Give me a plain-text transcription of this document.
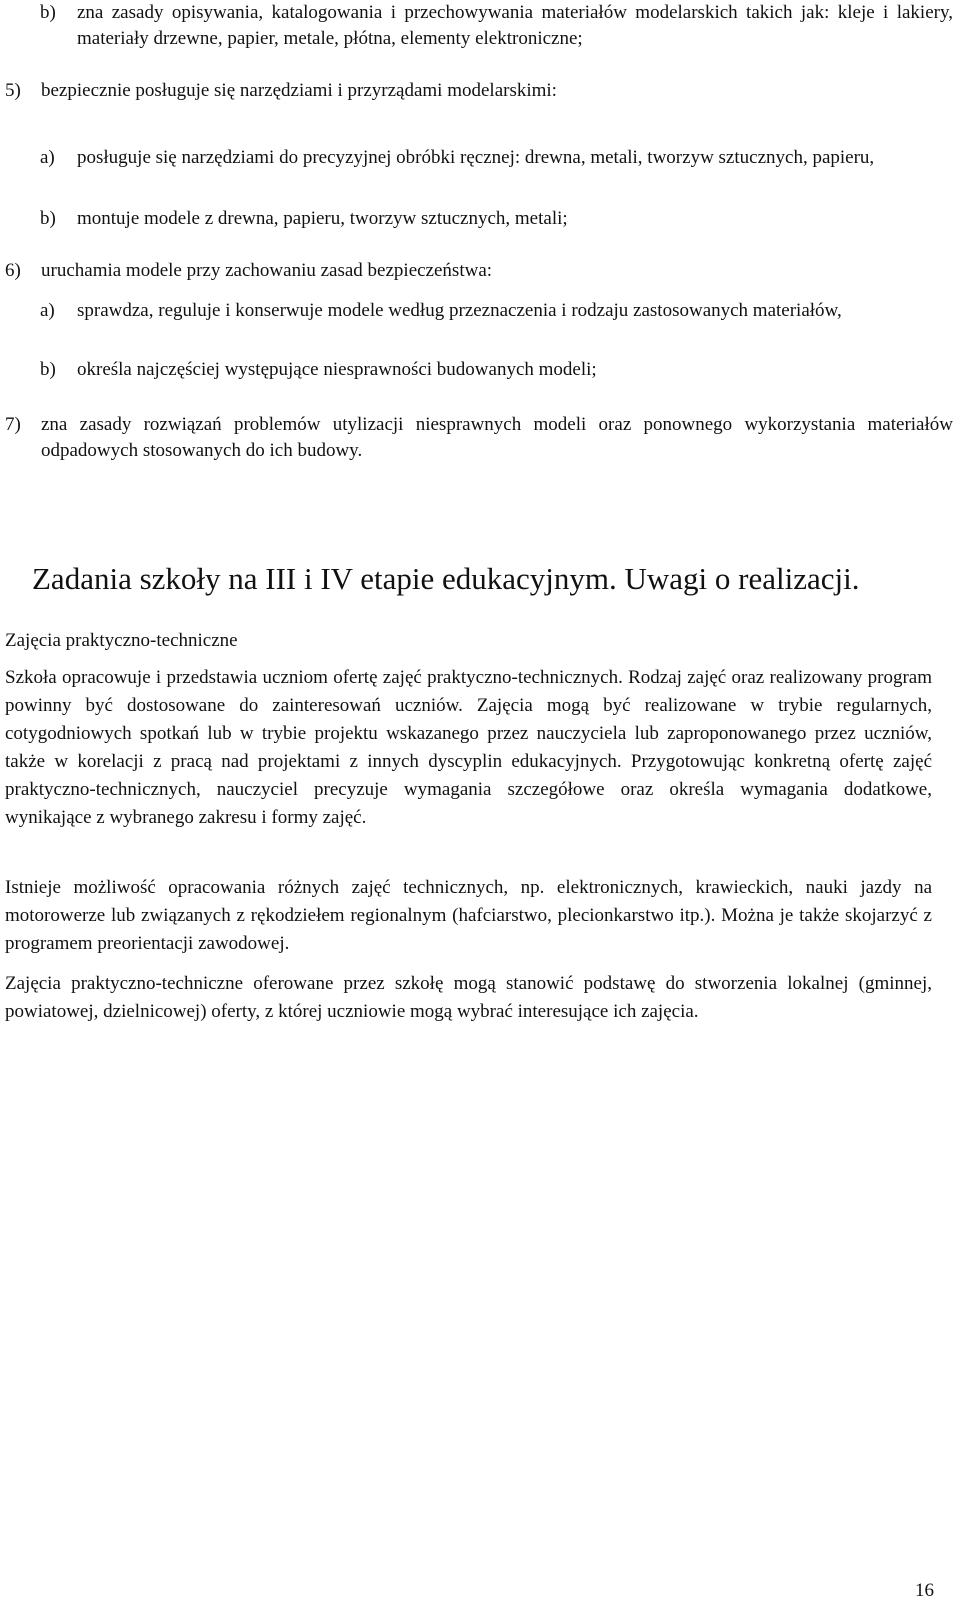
b)	zna zasady opisywania, katalogowania i przechowywania materiałów modelarskich takich jak: kleje i lakiery, materiały drzewne, papier, metale, płótna, elementy elektroniczne;
5)	bezpiecznie posługuje się narzędziami i przyrządami modelarskimi:
a)	posługuje się narzędziami do precyzyjnej obróbki ręcznej: drewna, metali, tworzyw sztucznych, papieru,
b)	montuje modele z drewna, papieru, tworzyw sztucznych, metali;
6)	uruchamia modele przy zachowaniu zasad bezpieczeństwa:
a)	sprawdza, reguluje i konserwuje modele według przeznaczenia i rodzaju zastosowanych materiałów,
b)	określa najczęściej występujące niesprawności budowanych modeli;
7)	zna zasady rozwiązań problemów utylizacji niesprawnych modeli oraz ponownego wykorzystania materiałów odpadowych stosowanych do ich budowy.
Zadania szkoły na III i IV etapie edukacyjnym. Uwagi o realizacji.
Zajęcia praktyczno-techniczne

Szkoła opracowuje i przedstawia uczniom ofertę zajęć praktyczno-technicznych. Rodzaj zajęć oraz realizowany program powinny być dostosowane do zainteresowań uczniów. Zajęcia mogą być realizowane w trybie regularnych, cotygodniowych spotkań lub w trybie projektu wskazanego przez nauczyciela lub zaproponowanego przez uczniów, także w korelacji z pracą nad projektami z innych dyscyplin edukacyjnych. Przygotowując konkretną ofertę zajęć praktyczno-technicznych, nauczyciel precyzuje wymagania szczegółowe oraz określa wymagania dodatkowe, wynikające z wybranego zakresu i formy zajęć.

Istnieje możliwość opracowania różnych zajęć technicznych, np. elektronicznych, krawieckich, nauki jazdy na motorowerze lub związanych z rękodziełem regionalnym (hafciarstwo, plecionkarstwo itp.). Można je także skojarzyć z programem preorientacji zawodowej.

Zajęcia praktyczno-techniczne oferowane przez szkołę mogą stanowić podstawę do stworzenia lokalnej (gminnej, powiatowej, dzielnicowej) oferty, z której uczniowie mogą wybrać interesujące ich zajęcia.

16
